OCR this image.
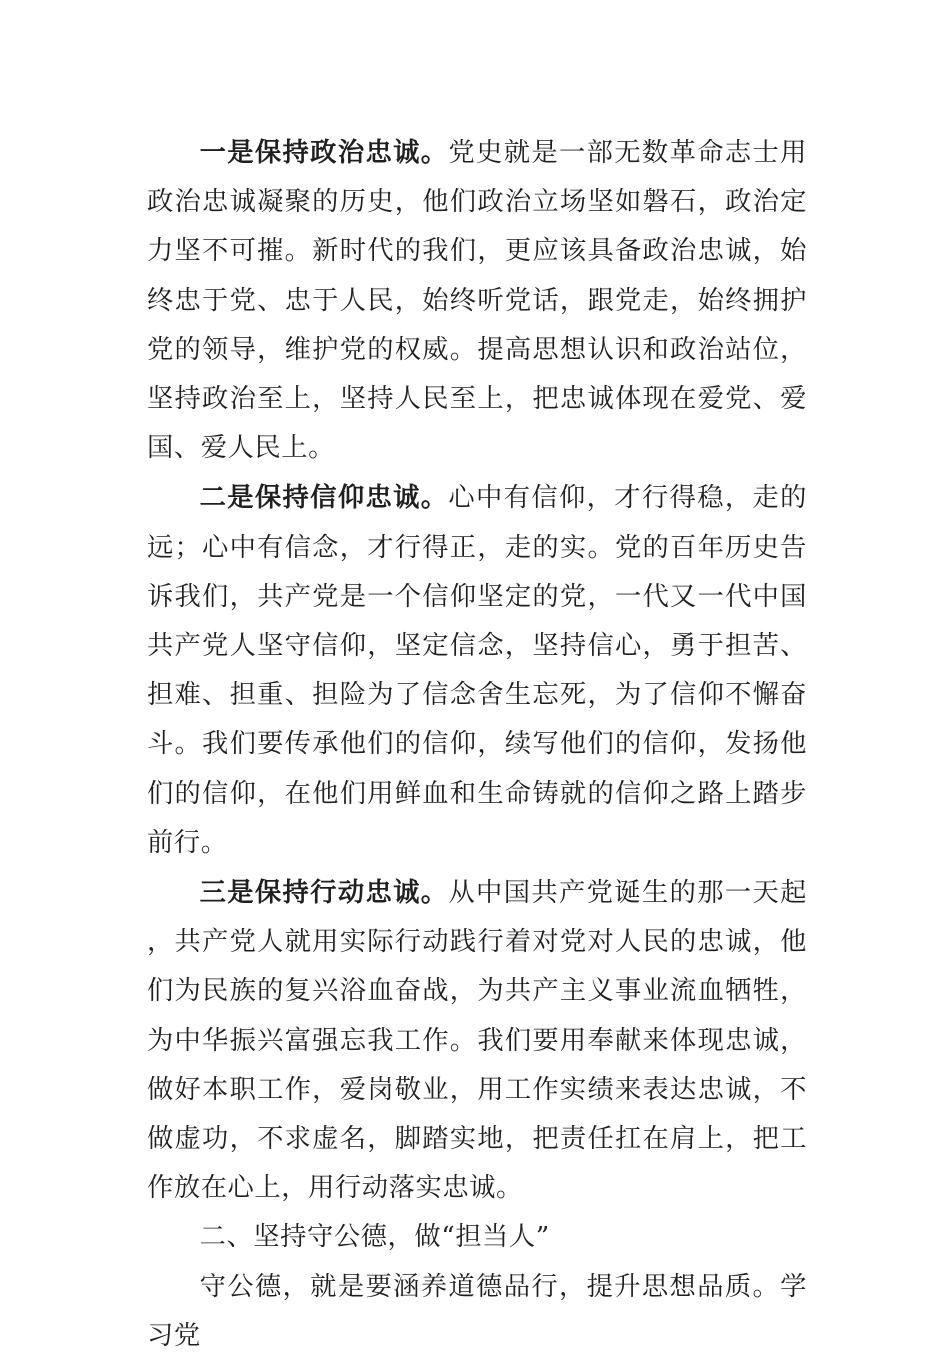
一是保持政治忠诚。党史就是一部无数革命志士用政治忠诚凝聚的历史，他们政治立场坚如磐石，政治定力坚不可摧。新时代的我们，更应该具备政治忠诚，始终忠于党、忠于人民，始终听党话，跟党走，始终拥护党的领导，维护党的权威。提高思想认识和政治站位，坚持政治至上，坚持人民至上，把忠诚体现在爱党、爱国、爱人民上。

二是保持信仰忠诚。心中有信仰，才行得稳，走的远；心中有信念，才行得正，走的实。党的百年历史告诉我们，共产党是一个信仰坚定的党，一代又一代中国共产党人坚守信仰，坚定信念，坚持信心，勇于担苦、担难、担重、担险为了信念舍生忘死，为了信仰不懈奋斗。我们要传承他们的信仰，续写他们的信仰，发扬他们的信仰，在他们用鲜血和生命铸就的信仰之路上踏步前行。

三是保持行动忠诚。从中国共产党诞生的那一天起，共产党人就用实际行动践行着对党对人民的忠诚，他们为民族的复兴浴血奋战，为共产主义事业流血牺牲，为中华振兴富强忘我工作。我们要用奉献来体现忠诚，做好本职工作，爱岗敬业，用工作实绩来表达忠诚，不做虚功，不求虚名，脚踏实地，把责任扛在肩上，把工作放在心上，用行动落实忠诚。

二、坚持守公德，做“担当人”

守公德，就是要涵养道德品行，提升思想品质。学习党
